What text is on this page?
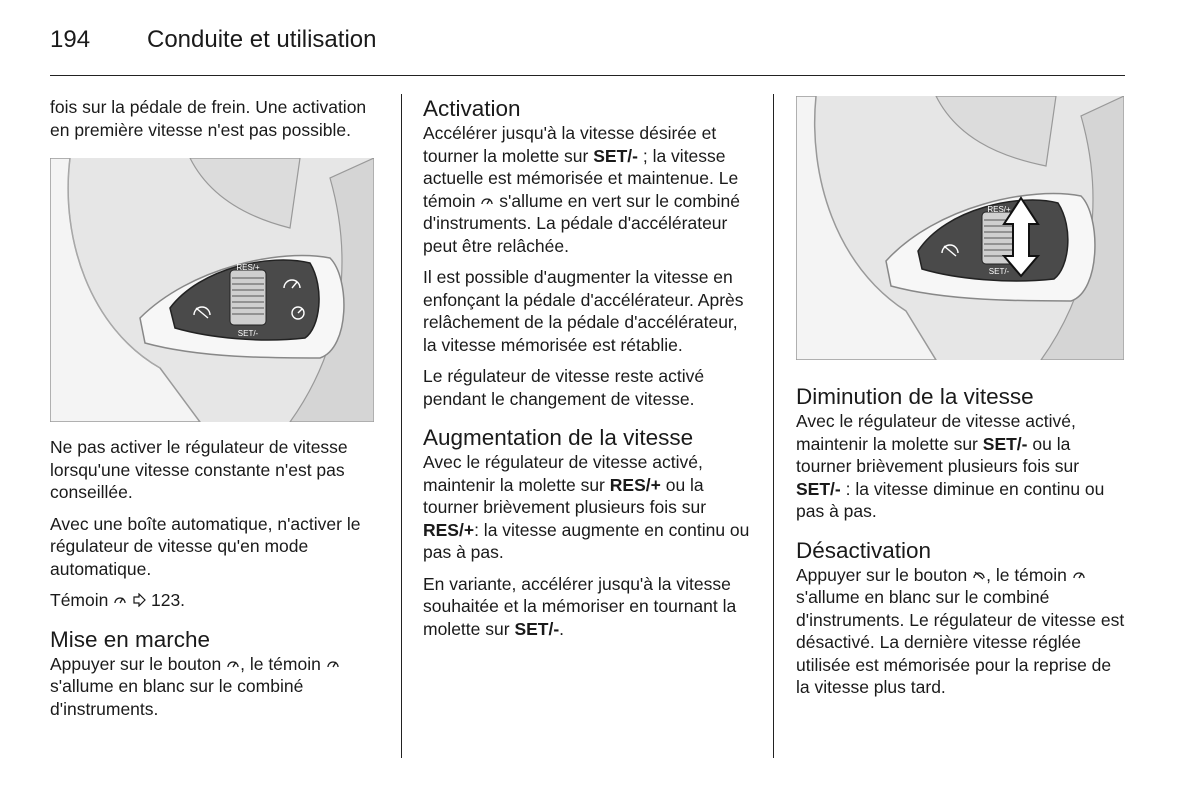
194 Conduite et utilisation

fois sur la pédale de frein. Une activation en première vitesse n'est pas possible.

RES/+
SET/-

Ne pas activer le régulateur de vitesse lorsqu'une vitesse constante n'est pas conseillée.

Avec une boîte automatique, n'activer le régulateur de vitesse qu'en mode automatique.

Témoin
123.

Mise en marche

Appuyer sur le bouton , le témoin
s'allume en blanc sur le combiné d'instruments.

Activation

Accélérer jusqu'à la vitesse désirée et tourner la molette sur SET/- ; la vitesse actuelle est mémorisée et maintenue. Le témoin s'allume en vert sur le combiné d'instruments. La pédale d'accélérateur peut être relâchée.

Il est possible d'augmenter la vitesse en enfonçant la pédale d'accélérateur. Après relâchement de la pédale d'accélérateur, la vitesse mémorisée est rétablie.

Le régulateur de vitesse reste activé pendant le changement de vitesse.

Augmentation de la vitesse

Avec le régulateur de vitesse activé, maintenir la molette sur RES/+ ou la tourner brièvement plusieurs fois sur RES/+: la vitesse augmente en continu ou pas à pas.

En variante, accélérer jusqu'à la vitesse souhaitée et la mémoriser en tournant la molette sur SET/-.

RES/+
SET/-
Diminution de la vitesse

Avec le régulateur de vitesse activé, maintenir la molette sur SET/- ou la tourner brièvement plusieurs fois sur SET/- : la vitesse diminue en continu ou pas à pas.

Désactivation

Appuyer sur le bouton , le témoin
s'allume en blanc sur le combiné d'instruments. Le régulateur de vitesse est désactivé. La dernière vitesse réglée utilisée est mémorisée pour la reprise de la vitesse plus tard.
